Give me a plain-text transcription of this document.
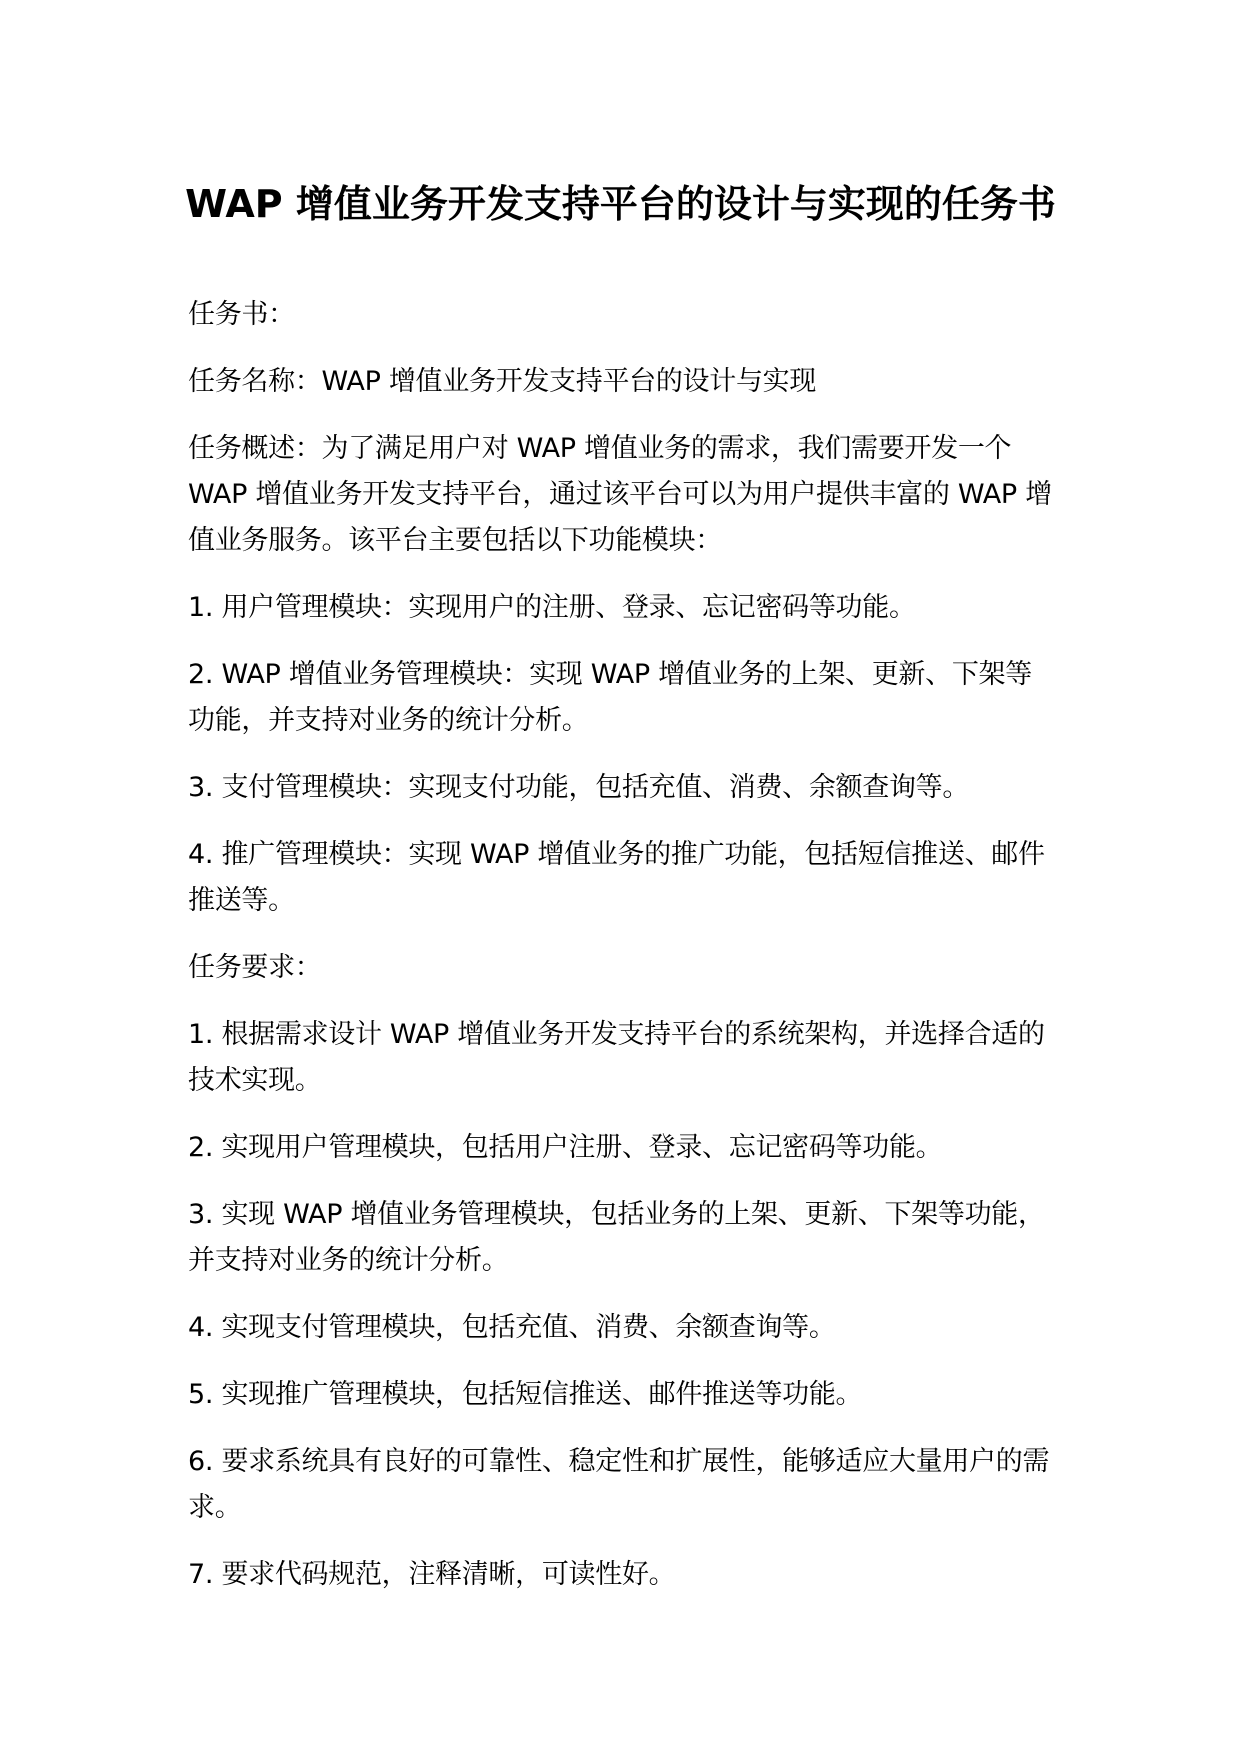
WAP 增值业务开发支持平台的设计与实现的任务书

任务书：

任务名称：WAP 增值业务开发支持平台的设计与实现

任务概述：为了满足用户对 WAP 增值业务的需求，我们需要开发一个 WAP 增值业务开发支持平台，通过该平台可以为用户提供丰富的 WAP 增值业务服务。该平台主要包括以下功能模块：

1. 用户管理模块：实现用户的注册、登录、忘记密码等功能。

2. WAP 增值业务管理模块：实现 WAP 增值业务的上架、更新、下架等功能，并支持对业务的统计分析。

3. 支付管理模块：实现支付功能，包括充值、消费、余额查询等。

4. 推广管理模块：实现 WAP 增值业务的推广功能，包括短信推送、邮件推送等。

任务要求：

1. 根据需求设计 WAP 增值业务开发支持平台的系统架构，并选择合适的技术实现。

2. 实现用户管理模块，包括用户注册、登录、忘记密码等功能。

3. 实现 WAP 增值业务管理模块，包括业务的上架、更新、下架等功能，并支持对业务的统计分析。

4. 实现支付管理模块，包括充值、消费、余额查询等。

5. 实现推广管理模块，包括短信推送、邮件推送等功能。

6. 要求系统具有良好的可靠性、稳定性和扩展性，能够适应大量用户的需求。

7. 要求代码规范，注释清晰，可读性好。
